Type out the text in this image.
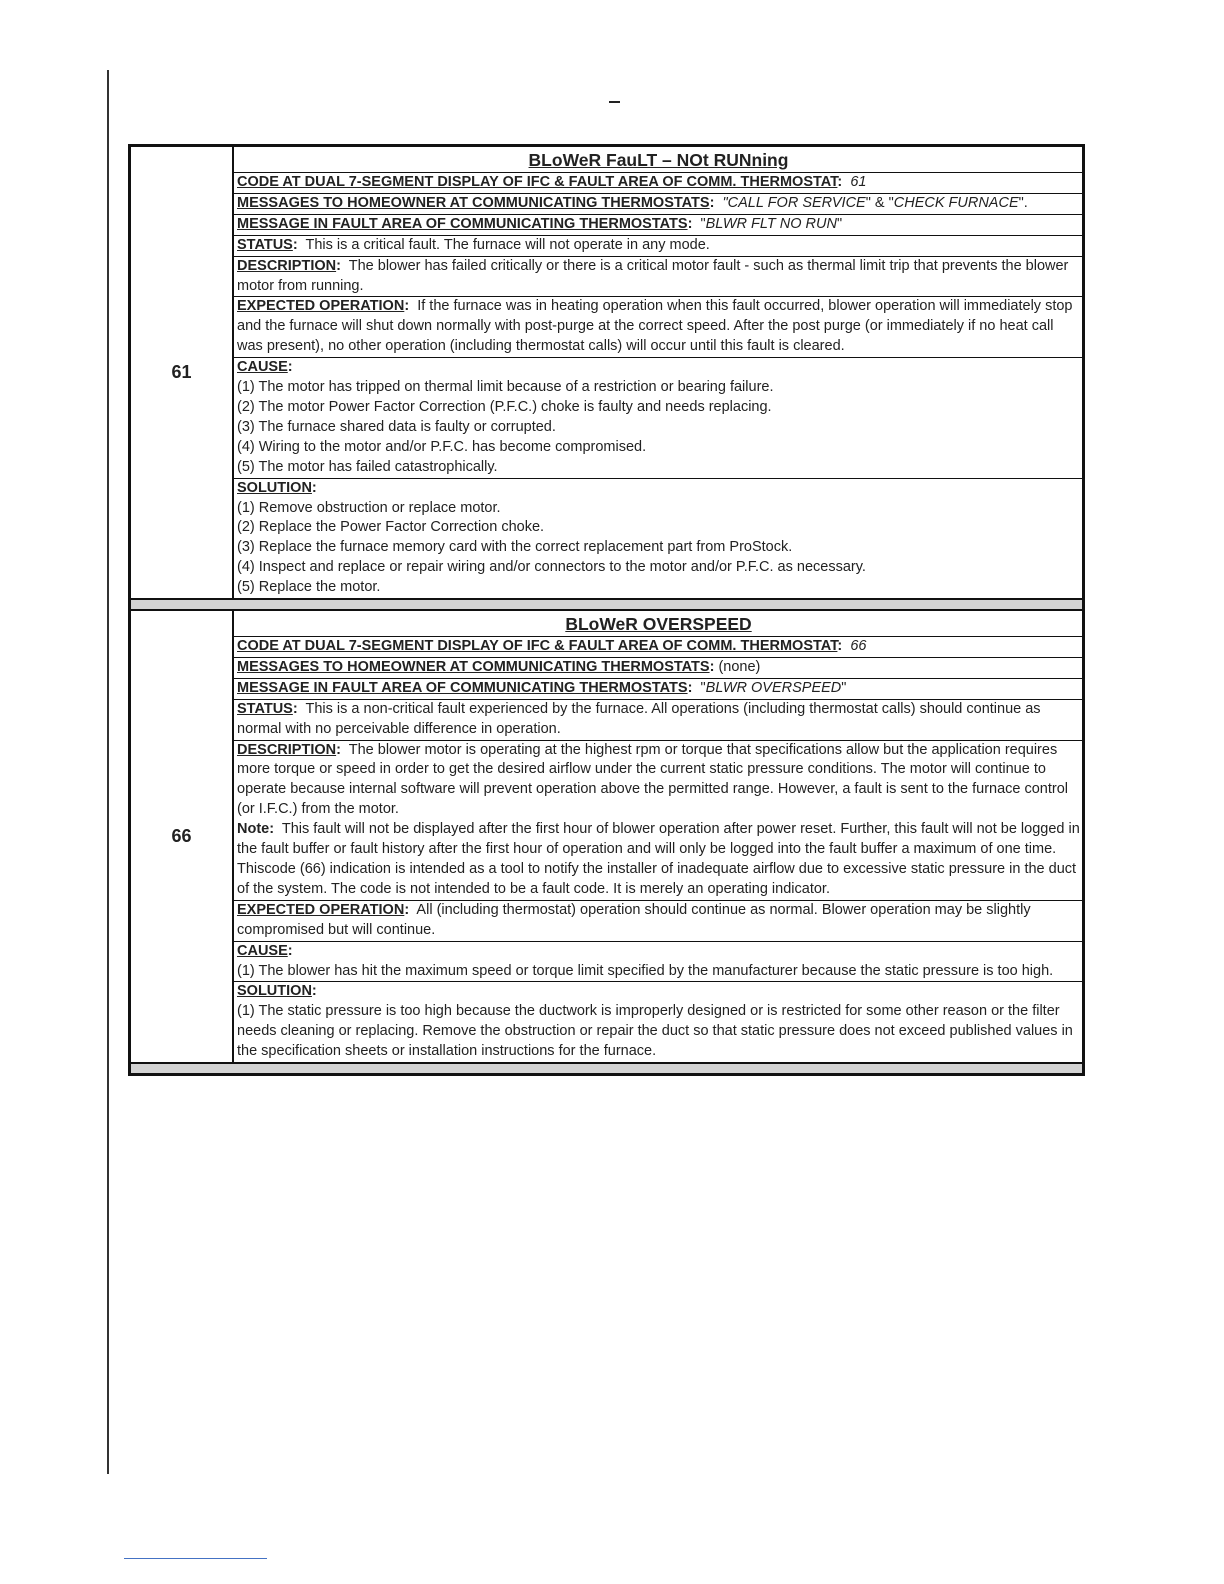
61
BLoWeR FauLT – NOt RUNning
CODE AT DUAL 7-SEGMENT DISPLAY OF IFC & FAULT AREA OF COMM. THERMOSTAT: 61
MESSAGES TO HOMEOWNER AT COMMUNICATING THERMOSTATS: "CALL FOR SERVICE" & "CHECK FURNACE".
MESSAGE IN FAULT AREA OF COMMUNICATING THERMOSTATS: "BLWR FLT NO RUN"
STATUS: This is a critical fault. The furnace will not operate in any mode.
DESCRIPTION: The blower has failed critically or there is a critical motor fault - such as thermal limit trip that prevents the blower motor from running.
EXPECTED OPERATION: If the furnace was in heating operation when this fault occurred, blower operation will immediately stop and the furnace will shut down normally with post-purge at the correct speed. After the post purge (or immediately if no heat call was present), no other operation (including thermostat calls) will occur until this fault is cleared.
CAUSE:
(1) The motor has tripped on thermal limit because of a restriction or bearing failure.
(2) The motor Power Factor Correction (P.F.C.) choke is faulty and needs replacing.
(3) The furnace shared data is faulty or corrupted.
(4) Wiring to the motor and/or P.F.C. has become compromised.
(5) The motor has failed catastrophically.
SOLUTION:
(1) Remove obstruction or replace motor.
(2) Replace the Power Factor Correction choke.
(3) Replace the furnace memory card with the correct replacement part from ProStock.
(4) Inspect and replace or repair wiring and/or connectors to the motor and/or P.F.C. as necessary.
(5) Replace the motor.
66
BLoWeR OVERSPEED
CODE AT DUAL 7-SEGMENT DISPLAY OF IFC & FAULT AREA OF COMM. THERMOSTAT: 66
MESSAGES TO HOMEOWNER AT COMMUNICATING THERMOSTATS: (none)
MESSAGE IN FAULT AREA OF COMMUNICATING THERMOSTATS: "BLWR OVERSPEED"
STATUS: This is a non-critical fault experienced by the furnace. All operations (including thermostat calls) should continue as normal with no perceivable difference in operation.
DESCRIPTION: The blower motor is operating at the highest rpm or torque that specifications allow but the application requires more torque or speed in order to get the desired airflow under the current static pressure conditions. The motor will continue to operate because internal software will prevent operation above the permitted range. However, a fault is sent to the furnace control (or I.F.C.) from the motor.
Note: This fault will not be displayed after the first hour of blower operation after power reset. Further, this fault will not be logged in the fault buffer or fault history after the first hour of operation and will only be logged into the fault buffer a maximum of one time. Thiscode (66) indication is intended as a tool to notify the installer of inadequate airflow due to excessive static pressure in the duct of the system. The code is not intended to be a fault code. It is merely an operating indicator.
EXPECTED OPERATION: All (including thermostat) operation should continue as normal. Blower operation may be slightly compromised but will continue.
CAUSE:
(1) The blower has hit the maximum speed or torque limit specified by the manufacturer because the static pressure is too high.
SOLUTION:
(1) The static pressure is too high because the ductwork is improperly designed or is restricted for some other reason or the filter needs cleaning or replacing. Remove the obstruction or repair the duct so that static pressure does not exceed published values in the specification sheets or installation instructions for the furnace.
